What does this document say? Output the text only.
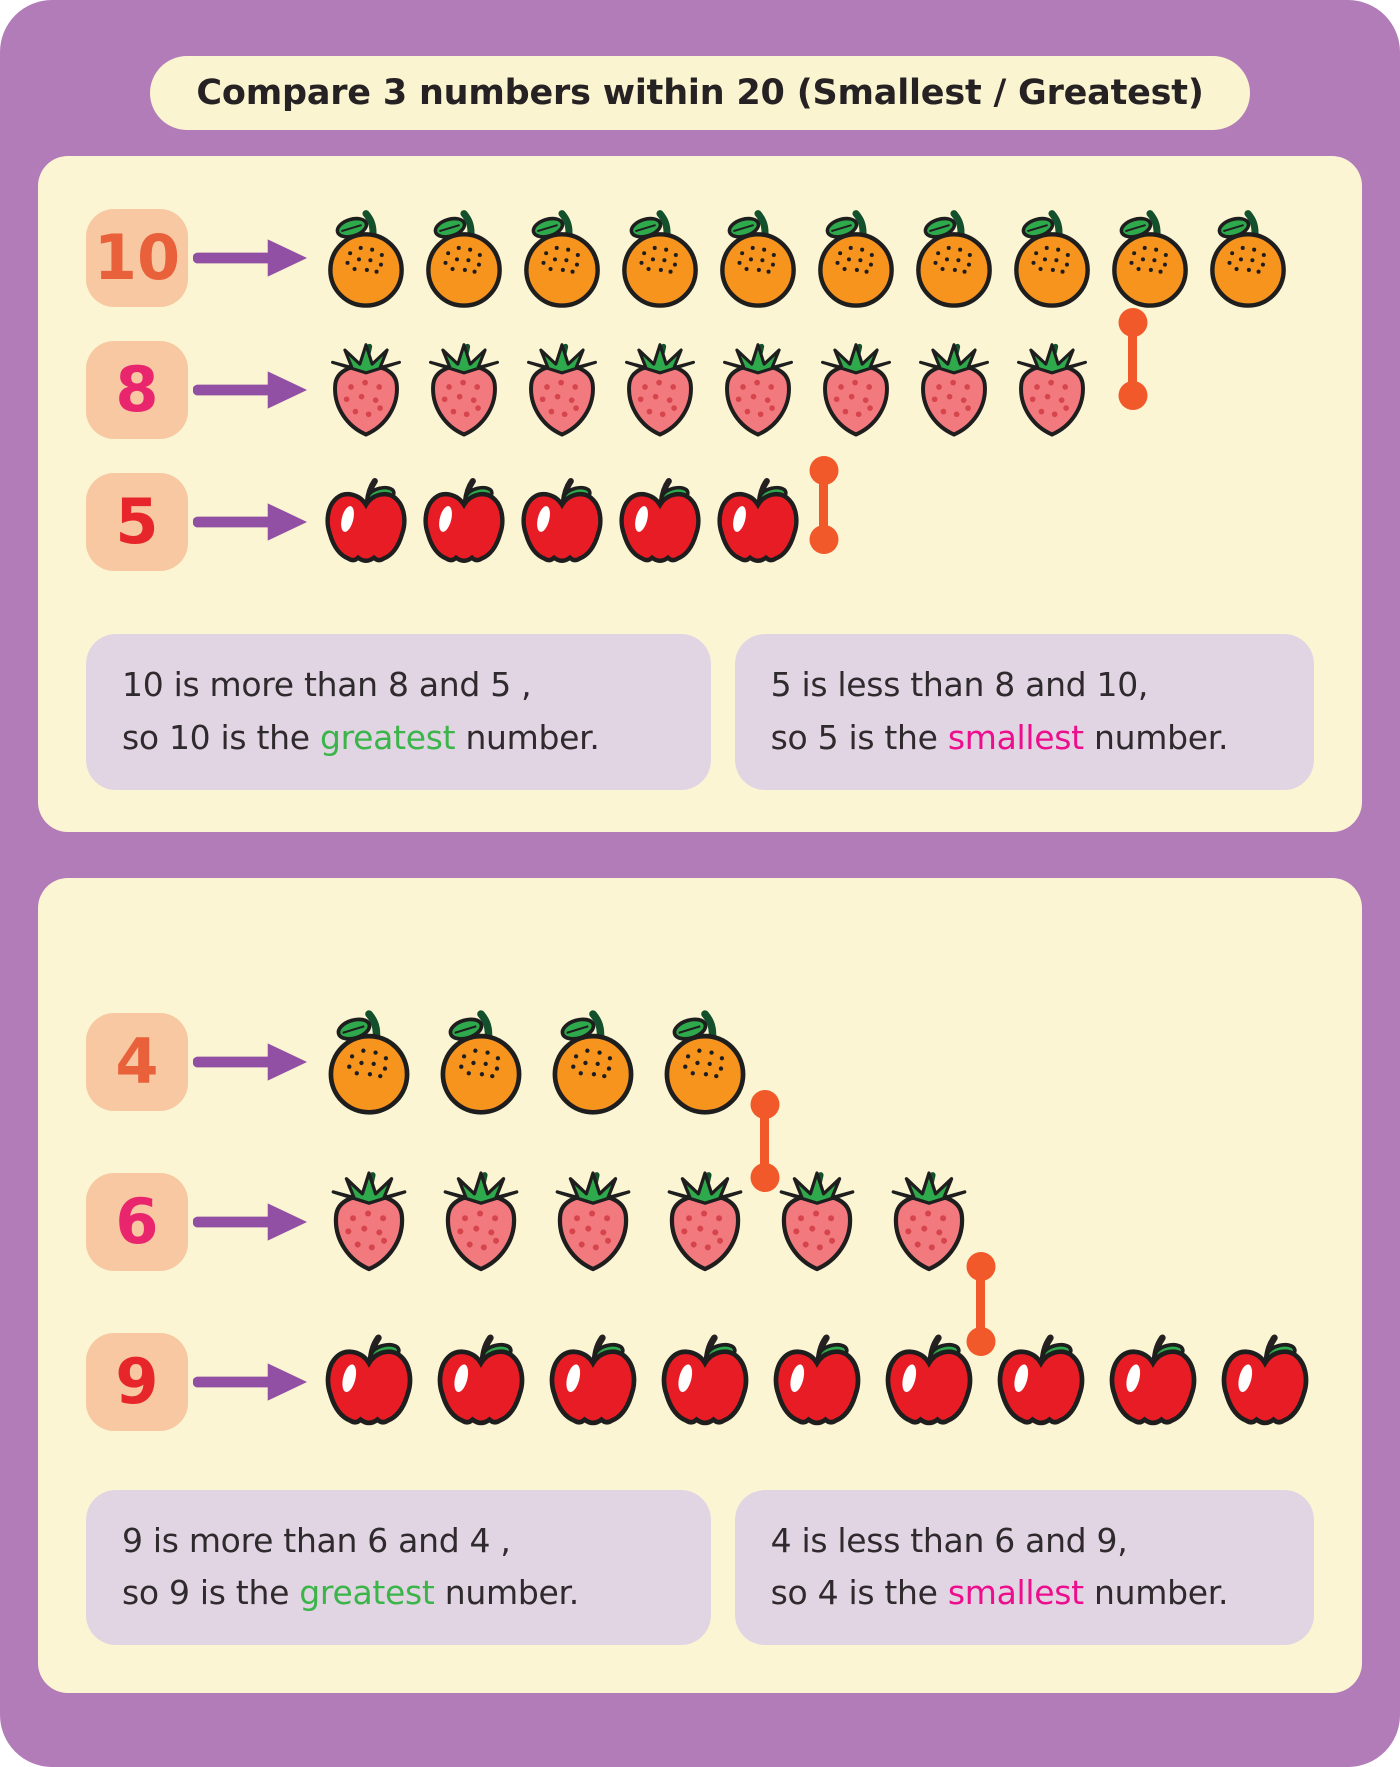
Compare 3 numbers within 20 (Smallest / Greatest)
10
8
5
10 is more than 8 and 5 ,
so 10 is the greatest number.
5 is less than 8 and 10,
so 5 is the smallest number.
4
6
9
9 is more than 6 and 4 ,
so 9 is the greatest number.
4 is less than 6 and 9,
so 4 is the smallest number.
